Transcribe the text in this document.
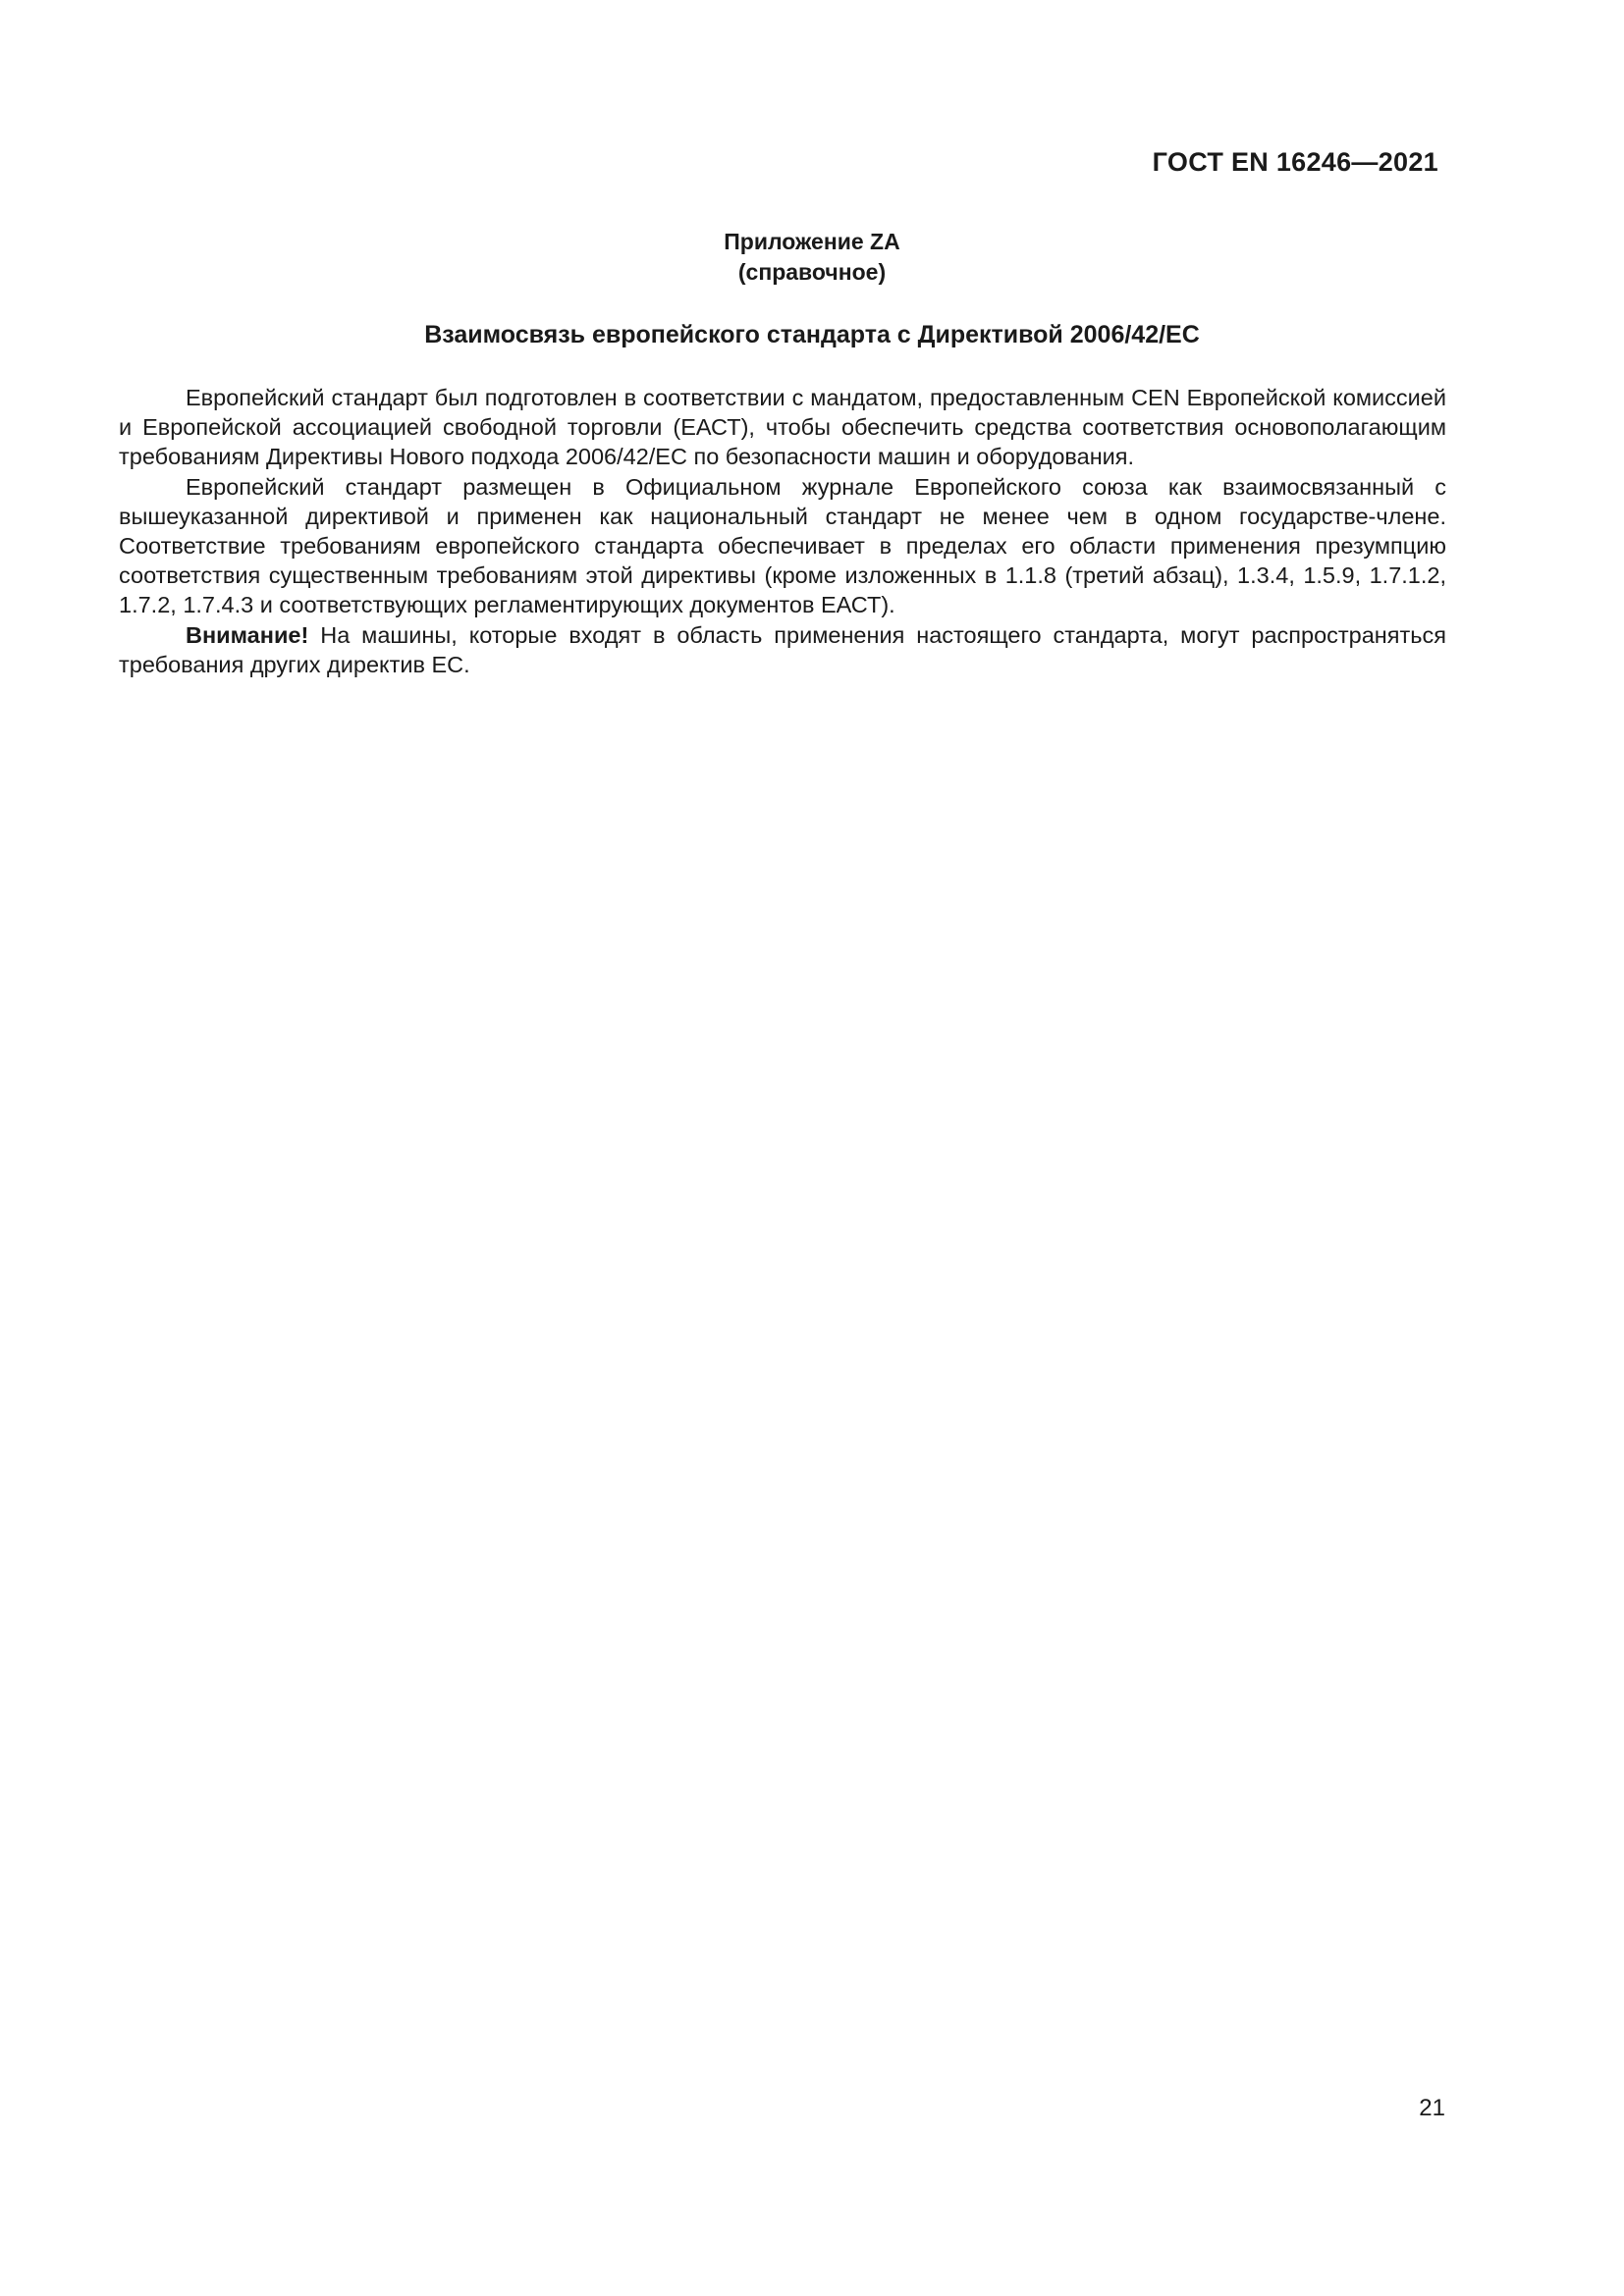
ГОСТ EN 16246—2021
Приложение ZA
(справочное)
Взаимосвязь европейского стандарта с Директивой 2006/42/ЕС

Европейский стандарт был подготовлен в соответствии с мандатом, предоставленным CEN Европейской комиссией и Европейской ассоциацией свободной торговли (ЕАСТ), чтобы обеспечить средства соответствия основополагающим требованиям Директивы Нового подхода 2006/42/ЕС по безопасности машин и оборудования.

Европейский стандарт размещен в Официальном журнале Европейского союза как взаимосвязанный с вышеуказанной директивой и применен как национальный стандарт не менее чем в одном государстве-члене. Соответствие требованиям европейского стандарта обеспечивает в пределах его области применения презумпцию соответствия существенным требованиям этой директивы (кроме изложенных в 1.1.8 (третий абзац), 1.3.4, 1.5.9, 1.7.1.2, 1.7.2, 1.7.4.3 и соответствующих регламентирующих документов ЕАСТ).

Внимание! На машины, которые входят в область применения настоящего стандарта, могут распространяться требования других директив ЕС.

21
